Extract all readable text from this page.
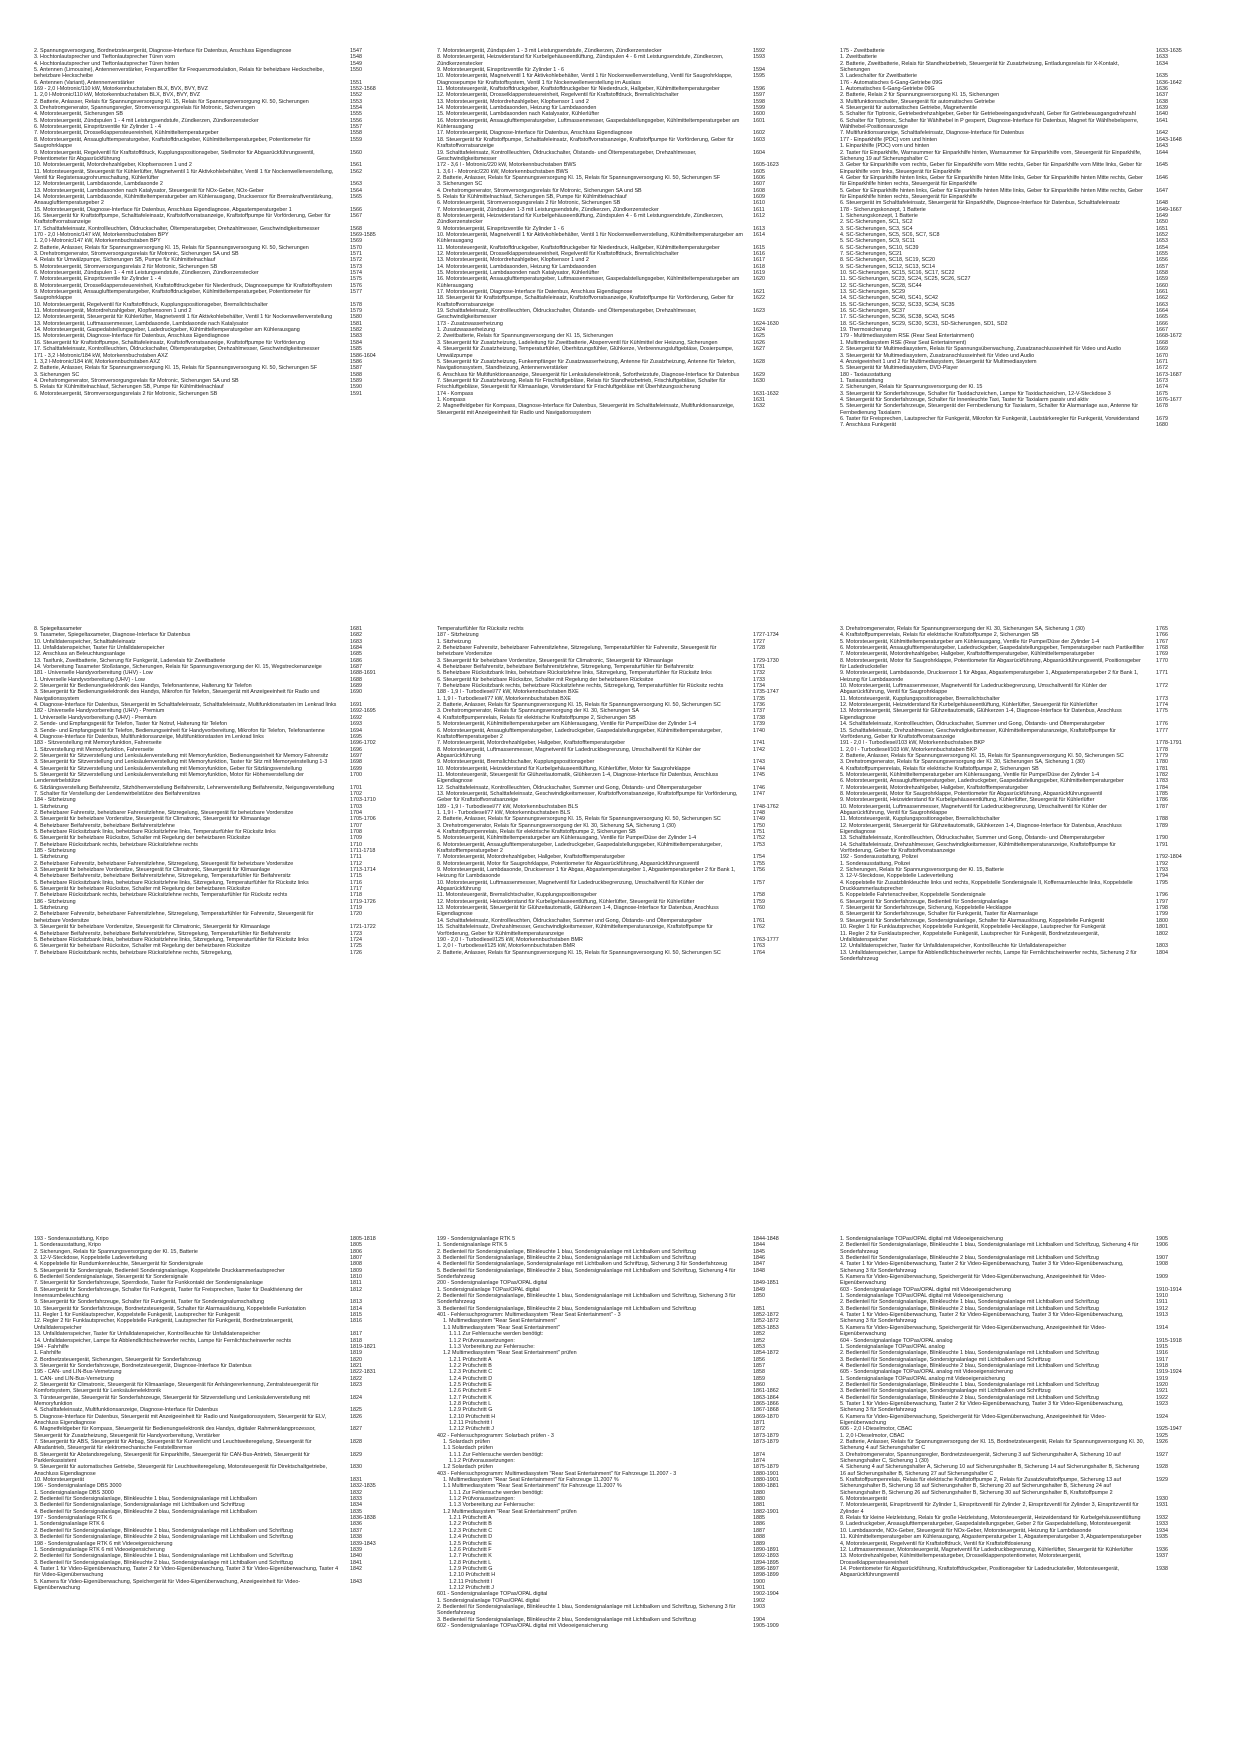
2. Spannungsversorgung, Bordnetzsteuergerät, Diagnose-Interface für Datenbus, Anschluss Eigendiagnose	1547
3. Hochtonlautsprecher und Tieftonlautsprecher Türen vorn	1548
4. Hochtonlautsprecher und Tieftonlautsprecher Türen hinten	1549
5. Antennen (Limousine), Antennenverstärker, Frequenzfilter für Frequenzmodulation, Relais für beheizbare Heckscheibe, beheizbare Heckscheibe
1550
6. Antennen (Variant), Antennenverstärker	1551
169 - 2,0 l-Motronic/110 kW, Motorkennbuchstaben BLX, BVX, BVY, BVZ	1552-1568
1. 2,0 l-Motronic/110 kW, Motorkennbuchstaben BLX, BVX, BVY, BVZ	1552
2. Batterie, Anlasser, Relais für Spannungsversorgung Kl. 15, Relais für Spannungsversorgung Kl. 50, Sicherungen	1553
3. Drehstromgenerator, Spannungsregler, Stromversorgungsrelais für Motronic, Sicherungen	1554
4. Motorsteuergerät, Sicherungen SB	1555
5. Motorsteuergerät, Zündspulen 1 - 4 mit Leistungsendstufe, Zündkerzen, Zündkerzenstecker	1556
6. Motorsteuergerät, Einspritzventile für Zylinder 1 - 4	1557
7. Motorsteuergerät, Drosselklappensteuereinheit, Kühlmitteltemperaturgeber	1558
8. Motorsteuergerät, Ansauglufttemperaturgeber, Kraftstoffdruckgeber, Kühlmitteltemperaturgeber, Potentiometer für Saugrohrklappe
1559
9. Motorsteuergerät, Regelventil für Kraftstoffdruck, Kupplungspositionsgeber, Stellmotor für Abgasrückführungsventil, Potentiometer für Abgasrückführung
1560
10. Motorsteuergerät, Motordrehzahlgeber, Klopfsensoren 1 und 2	1561
11. Motorsteuergerät, Steuergerät für Kühlerlüfter, Magnetventil 1 für Aktivkohlebehälter, Ventil 1 für Nockenwellenverstellung, Ventil für Registersaugrohrumschaltung, Kühlerlüfter
1562
12. Motorsteuergerät, Lambdasonde, Lambdasonde 2	1563
13. Motorsteuergerät, Lambdasonden nach Katalysator, Steuergerät für NOx-Geber, NOx-Geber	1564
14. Motorsteuergerät, Lambdasonde, Kühlmitteltemperaturgeber am Kühlerausgang, Drucksensor für Bremskraftverstärkung, Ansauglufttemperaturgeber 2
1565
15. Motorsteuergerät, Diagnose-Interface für Datenbus, Anschluss Eigendiagnose, Abgastemperaturgeber 1	1566
16. Steuergerät für Kraftstoffpumpe, Schalttafeleinsatz, Kraftstoffvorratsanzeige, Kraftstoffpumpe für Vorförderung, Geber für Kraftstoffvorratsanzeige
1567
17. Schalttafeleinsatz, Kontrollleuchten, Öldruckschalter, Öltemperaturgeber, Drehzahlmesser, Geschwindigkeitsmesser	1568
170 - 2,0 l-Motronic/147 kW, Motorkennbuchstaben BPY	1569-1585
1. 2,0 l-Motronic/147 kW, Motorkennbuchstaben BPY	1569
2. Batterie, Anlasser, Relais für Spannungsversorgung Kl. 15, Relais für Spannungsversorgung Kl. 50, Sicherungen	1570
3. Drehstromgenerator, Stromversorgungsrelais für Motronic, Sicherungen SA und SB	1571
4. Relais für Umwälzpumpe, Sicherungen SB, Pumpe für Kühlmittelnachlauf	1572
5. Motorsteuergerät, Stromversorgungsrelais 2 für Motronic, Sicherungen SB	1573
6. Motorsteuergerät, Zündspulen 1 - 4 mit Leistungsendstufe, Zündkerzen, Zündkerzenstecker	1574
7. Motorsteuergerät, Einspritzventile für Zylinder 1 - 4	1575
8. Motorsteuergerät, Drosselklappensteuereinheit, Kraftstoffdruckgeber für Niederdruck, Diagnosepumpe für Kraftstoffsystem	1576
9. Motorsteuergerät, Ansauglufttemperaturgeber, Kraftstoffdruckgeber, Kühlmitteltemperaturgeber, Potentiometer für Saugrohrklappe
1577
10. Motorsteuergerät, Regelventil für Kraftstoffdruck, Kupplungspositionsgeber, Bremslichtschalter	1578
11. Motorsteuergerät, Motordrehzahlgeber, Klopfsensoren 1 und 2	1579
12. Motorsteuergerät, Steuergerät für Kühlerlüfter, Magnetventil 1 für Aktivkohlebehälter, Ventil 1 für Nockenwellenverstellung	1580
13. Motorsteuergerät, Luftmassenmesser, Lambdasonde, Lambdasonde nach Katalysator	1581
14. Motorsteuergerät, Gaspedalstellungsgeber, Ladedruckgeber, Kühlmitteltemperaturgeber am Kühlerausgang	1582
15. Motorsteuergerät, Diagnose-Interface für Datenbus, Anschluss Eigendiagnose	1583
16. Steuergerät für Kraftstoffpumpe, Schalttafeleinsatz, Kraftstoffvorratsanzeige, Kraftstoffpumpe für Vorförderung	1584
17. Schalttafeleinsatz, Kontrollleuchten, Öldruckschalter, Öltemperaturgeber, Drehzahlmesser, Geschwindigkeitsmesser	1585
171 - 3,2 l-Motronic/184 kW, Motorkennbuchstaben AXZ	1586-1604
1. 3,2 l-Motronic/184 kW, Motorkennbuchstaben AXZ	1586
2. Batterie, Anlasser, Relais für Spannungsversorgung Kl. 15, Relais für Spannungsversorgung Kl. 50, Sicherungen SF	1587
3. Sicherungen SC	1588
4. Drehstromgenerator, Stromversorgungsrelais für Motronic, Sicherungen SA und SB	1589
5. Relais für Kühlmittelnachlauf, Sicherungen SB, Pumpe für Kühlmittelnachlauf	1590
6. Motorsteuergerät, Stromversorgungsrelais 2 für Motronic, Sicherungen SB	1591
7. Motorsteuergerät, Zündspulen 1 - 3 mit Leistungsendstufe, Zündkerzen, Zündkerzenstecker	1592
8. Motorsteuergerät, Heizwiderstand für Kurbelgehäuseentlüftung, Zündspulen 4 - 6 mit Leistungsendstufe, Zündkerzen, Zündkerzenstecker
1593
9. Motorsteuergerät, Einspritzventile für Zylinder 1 - 6	1594
10. Motorsteuergerät, Magnetventil 1 für Aktivkohlebehälter, Ventil 1 für Nockenwellenverstellung, Ventil für Saugrohrklappe, Diagnosepumpe für Kraftstoffsystem, Ventil 1 für Nockenwellenverstellung im Auslass
1595
11. Motorsteuergerät, Kraftstoffdruckgeber, Kraftstoffdruckgeber für Niederdruck, Hallgeber, Kühlmitteltemperaturgeber	1596
12. Motorsteuergerät, Drosselklappensteuereinheit, Regelventil für Kraftstoffdruck, Bremslichtschalter	1597
13. Motorsteuergerät, Motordrehzahlgeber, Klopfsensor 1 und 2	1598
14. Motorsteuergerät, Lambdasonden, Heizung für Lambdasonden	1599
15. Motorsteuergerät, Lambdasonden nach Katalysator, Kühlerlüfter	1600
16. Motorsteuergerät, Ansauglufttemperaturgeber, Luftmassenmesser, Gaspedalstellungsgeber, Kühlmitteltemperaturgeber am Kühlerausgang
1601
17. Motorsteuergerät, Diagnose-Interface für Datenbus, Anschluss Eigendiagnose	1602
18. Steuergerät für Kraftstoffpumpe, Schalttafeleinsatz, Kraftstoffvorratsanzeige, Kraftstoffpumpe für Vorförderung, Geber für Kraftstoffvorratsanzeige
1603
19. Schalttafeleinsatz, Kontrollleuchten, Öldruckschalter, Ölstands- und Öltemperaturgeber, Drehzahlmesser, Geschwindigkeitsmesser
1604
172 - 3,6 l - Motronic/220 kW, Motorkennbuchstaben BWS	1605-1623
1. 3,6 l - Motronic/220 kW, Motorkennbuchstaben BWS	1605
2. Batterie, Anlasser, Relais für Spannungsversorgung Kl. 15, Relais für Spannungsversorgung Kl. 50, Sicherungen SF	1606
3. Sicherungen SC	1607
4. Drehstromgenerator, Stromversorgungsrelais für Motronic, Sicherungen SA und SB	1608
5. Relais für Kühlmittelnachlauf, Sicherungen SB, Pumpe für Kühlmittelnachlauf	1609
6. Motorsteuergerät, Stromversorgungsrelais 2 für Motronic, Sicherungen SB	1610
7. Motorsteuergerät, Zündspulen 1-3 mit Leistungsendstufe, Zündkerzen, Zündkerzenstecker	1611
8. Motorsteuergerät, Heizwiderstand für Kurbelgehäuseentlüftung, Zündspulen 4 - 6 mit Leistungsendstufe, Zündkerzen, Zündkerzenstecker
1612
9. Motorsteuergerät, Einspritzventile für Zylinder 1 - 6	1613
10. Motorsteuergerät, Magnetventil 1 für Aktivkohlebehälter, Ventil 1 für Nockenwellenverstellung, Kühlmitteltemperaturgeber am Kühlerausgang
1614
11. Motorsteuergerät, Kraftstoffdruckgeber, Kraftstoffdruckgeber für Niederdruck, Hallgeber, Kühlmitteltemperaturgeber	1615
12. Motorsteuergerät, Drosselklappensteuereinheit, Regelventil für Kraftstoffdruck, Bremslichtschalter	1616
13. Motorsteuergerät, Motordrehzahlgeber, Klopfsensor 1 und 2	1617
14. Motorsteuergerät, Lambdasonden, Heizung für Lambdasonden	1618
15. Motorsteuergerät, Lambdasonden nach Katalysator, Kühlerlüfter	1619
16. Motorsteuergerät, Ansauglufttemperaturgeber, Luftmassenmesser, Gaspedalstellungsgeber, Kühlmitteltemperaturgeber am Kühlerausgang
1620
17. Motorsteuergerät, Diagnose-Interface für Datenbus, Anschluss Eigendiagnose	1621
18. Steuergerät für Kraftstoffpumpe, Schalttafeleinsatz, Kraftstoffvorratsanzeige, Kraftstoffpumpe für Vorförderung, Geber für Kraftstoffvorratsanzeige
1622
19. Schalttafeleinsatz, Kontrollleuchten, Öldruckschalter, Ölstands- und Öltemperaturgeber, Drehzahlmesser, Geschwindigkeitsmesser
1623
173 - Zusatzwasserheizung	1624-1630
1. Zusatzwasserheizung	1624
2. Zweitbatterie, Relais für Spannungsversorgung der Kl. 15, Sicherungen	1625
3. Steuergerät für Zusatzheizung, Ladeleitung für Zweitbatterie, Absperrventil für Kühlmittel der Heizung, Sicherungen	1626
4. Steuergerät für Zusatzheizung, Temperaturfühler, Überhitzungsfühler, Glühkerze, Verbrennungsluftgebläse, Dosierpumpe, Umwälzpumpe
1627
5. Steuergerät für Zusatzheizung, Funkempfänger für Zusatzwasserheizung, Antenne für Zusatzheizung, Antenne für Telefon, Navigationssystem, Standheizung, Antennenverstärker
1628
6. Anschluss für Multifunktionsanzeige, Steuergerät für Lenksäulenelektronik, Sofortheizstufe, Diagnose-Interface für Datenbus	1629
7. Steuergerät für Zusatzheizung, Relais für Frischluftgebläse, Relais für Standheizbetrieb, Frischluftgebläse, Schalter für Frischluftgebläse, Steuergerät für Klimaanlage, Vorwiderstand für Frischluftgebläse mit Überhitzungssicherung
1630
174 - Kompass	1631-1632
1. Kompass	1631
2. Magnetfeldgeber für Kompass, Diagnose-Interface für Datenbus, Steuergerät im Schalttafeleinsatz, Multifunktionsanzeige, Steuergerät mit Anzeigeeinheit für Radio und Navigationssystem
1632
175 - Zweitbatterie	1633-1635
1. Zweitbatterie	1633
2. Batterie, Zweitbatterie, Relais für Standheizbetrieb, Steuergerät für Zusatzheizung, Entladungsrelais für X-Kontakt, Sicherungen
1634
3. Ladeschalter für Zweitbatterie	1635
176 - Automatisches 6-Gang-Getriebe 09G	1636-1642
1. Automatisches 6-Gang-Getriebe 09G	1636
2. Batterie, Relais 2 für Spannungsversorgung Kl. 15, Sicherungen	1637
3. Multifunktionsschalter, Steuergerät für automatisches Getriebe	1638
4. Steuergerät für automatisches Getriebe, Magnetventile	1639
5. Schalter für Tiptronic, Getriebedrehzahlgeber, Geber für Getriebeeingangsdrehzahl, Geber für Getriebeausgangsdrehzahl	1640
6. Schalter für Tiptronic, Schalter für Wählhebel in P gesperrt, Diagnose-Interface für Datenbus, Magnet für Wählhebelsperre, Wählhebel-Positionsanzeige
1641
7. Multifunktionsanzeige, Schalttafeleinsatz, Diagnose-Interface für Datenbus	1642
177 - Einparkhilfe (PDC) vorn und hinten	1643-1648
1. Einparkhilfe (PDC) vorn und hinten	1643
2. Taster für Einparkhilfe, Warnsummer für Einparkhilfe hinten, Warnsummer für Einparkhilfe vorn, Steuergerät für Einparkhilfe, Sicherung 19 auf Sicherungshalter C
1644
3. Geber für Einparkhilfe vorn rechts, Geber für Einparkhilfe vorn Mitte rechts, Geber für Einparkhilfe vorn Mitte links, Geber für Einparkhilfe vorn links, Steuergerät für Einparkhilfe
1645
4. Geber für Einparkhilfe hinten links, Geber für Einparkhilfe hinten Mitte links, Geber für Einparkhilfe hinten Mitte rechts, Geber für Einparkhilfe hinten rechts, Steuergerät für Einparkhilfe
1646
5. Geber für Einparkhilfe hinten links, Geber für Einparkhilfe hinten Mitte links, Geber für Einparkhilfe hinten Mitte rechts, Geber für Einparkhilfe hinten rechts, Steuergerät für Einparkhilfe
1647
6. Steuergerät im Schalttafeleinsatz, Steuergerät für Einparkhilfe, Diagnose-Interface für Datenbus, Schalttafeleinsatz	1648
178 - Sicherungskonzept, 1 Batterie	1649-1667
1. Sicherungskonzept, 1 Batterie	1649
2. SC-Sicherungen, SC1, SC2	1650
3. SC-Sicherungen, SC3, SC4	1651
4. SC-Sicherungen, SC5, SC6, SC7, SC8	1652
5. SC-Sicherungen, SC9, SC11	1653
6. SC-Sicherungen, SC10, SC39	1654
7. SC-Sicherungen, SC21	1655
8. SC-Sicherungen, SC18, SC19, SC20	1656
9. SC-Sicherungen, SC12, SC13, SC14	1657
10. SC-Sicherungen, SC15, SC16, SC17, SC22	1658
11. SC-Sicherungen, SC23, SC24, SC25, SC26, SC27	1659
12. SC-Sicherungen, SC28, SC44	1660
13. SC-Sicherungen, SC29	1661
14. SC-Sicherungen, SC40, SC41, SC42	1662
15. SC-Sicherungen, SC32, SC33, SC34, SC35	1663
16. SC-Sicherungen, SC37	1664
17. SC-Sicherungen, SC36, SC38, SC43, SC45	1665
18. SC-Sicherungen, SC29, SC30, SC31, SD-Sicherungen, SD1, SD2	1666
19. Thermosicherung	1667
179 - Multimediasystem RSE (Rear Seat Entertainment)	1668-1672
1. Multimediasystem RSE (Rear Seat Entertainment)	1668
2. Steuergerät für Multimediasystem, Relais für Spannungsüberwachung, Zusatzanschlusseinheit für Video und Audio	1669
3. Steuergerät für Multimediasystem, Zusatzanschlusseinheit für Video und Audio	1670
4. Anzeigeeinheit 1 und 2 für Multimediasystem, Steuergerät für Multimediasystem	1671
5. Steuergerät für Multimediasystem, DVD-Player	1672
180 - Taxiausstattung	1673-1687
1. Taxiausstattung	1673
2. Sicherungen, Relais für Spannungsversorgung der Kl. 15	1674
3. Steuergerät für Sonderfahrzeuge, Schalter für Taxidachzeichen, Lampe für Taxidachzeichen, 12-V-Steckdose 3	1675
4. Steuergerät für Sonderfahrzeuge, Schalter für Innenleuchte Taxi, Taster für Taxialarm passiv und aktiv	1676-1677
5. Steuergerät für Sonderfahrzeuge, Steuergerät der Fernbedienung für Taxialarm, Schalter für Alarmanlage aus, Antenne für Fernbedienung Taxialarm
1678
6. Taster für Freisprechen, Lautsprecher für Funkgerät, Mikrofon für Funkgerät, Lautstärkeregler für Funkgerät, Vorwiderstand	1679
7. Anschluss Funkgerät	1680
8. Spiegeltaxameter	1681
9. Taxameter, Spiegeltaxameter, Diagnose-Interface für Datenbus	1682
10. Unfalldatenspeicher, Schalttafeleinsatz	1683
11. Unfalldatenspeicher, Taster für Unfalldatenspeicher	1684
12. Anschluss an Beleuchtungsanlage	1685
13. Taxifunk, Zweitbatterie, Sicherung für Funkgerät, Laderelais für Zweitbatterie	1686
14. Vorbereitung Taxameter Stoßstange, Sicherungen, Relais für Spannungsversorgung der Kl. 15, Wegstreckenanzeige	1687
181 - Universelle Handyvorbereitung (UHV) - Low	1688-1691
1. Universelle Handyvorbereitung (UHV) - Low	1688
2. Steuergerät für Bedienungselektronik des Handys, Telefonantenne, Halterung für Telefon	1689
3. Steuergerät für Bedienungselektronik des Handys, Mikrofon für Telefon, Steuergerät mit Anzeigeeinheit für Radio und Navigationssystem
1690
4. Diagnose-Interface für Datenbus, Steuergerät im Schalttafeleinsatz, Schalttafeleinsatz, Multifunktionstasten im Lenkrad links	1691
182 - Universelle Handyvorbereitung (UHV) - Premium	1692-1695
1. Universelle Handyvorbereitung (UHV) - Premium	1692
2. Sende- und Empfangsgerät für Telefon, Taster für Notruf, Halterung für Telefon	1693
3. Sende- und Empfangsgerät für Telefon, Bedienungseinheit für Handyvorbereitung, Mikrofon für Telefon, Telefonantenne	1694
4. Diagnose-Interface für Datenbus, Multifunktionsanzeige, Multifunktionstasten im Lenkrad links	1695
183 - Sitzverstellung mit Memoryfunktion, Fahrerseite	1696-1702
1. Sitzverstellung mit Memoryfunktion, Fahrerseite	1696
2. Steuergerät für Sitzverstellung und Lenksäulenverstellung mit Memoryfunktion, Bedienungseinheit für Memory Fahrersitz	1697
3. Steuergerät für Sitzverstellung und Lenksäulenverstellung mit Memoryfunktion, Taster für Sitz mit Memoryeinstellung 1-3	1698
4. Steuergerät für Sitzverstellung und Lenksäulenverstellung mit Memoryfunktion, Geber für Sitzlängsverstellung	1699
5. Steuergerät für Sitzverstellung und Lenksäulenverstellung mit Memoryfunktion, Motor für Höhenverstellung der Lendenwirbelstütze
1700
6. Sitzlängsverstellung Beifahrersitz, Sitzhöhenverstellung Beifahrersitz, Lehnenverstellung Beifahrersitz, Neigungsverstellung	1701
7. Schalter für Verstellung der Lendenwirbelstütze des Beifahrersitzes	1702
184 - Sitzheizung	1703-1710
1. Sitzheizung	1703
2. Beheizbarer Fahrersitz, beheizbarer Fahrersitzlehne, Sitzregelung, Steuergerät für beheizbare Vordersitze	1704
3. Steuergerät für beheizbare Vordersitze, Steuergerät für Climatronic, Steuergerät für Klimaanlage	1705-1706
4. Beheizbarer Beifahrersitz, beheizbare Beifahrersitzlehne	1707
5. Beheizbare Rücksitzbank links, beheizbare Rücksitzlehne links, Temperaturfühler für Rücksitz links	1708
6. Steuergerät für beheizbare Rücksitze, Schalter mit Regelung der beheizbaren Rücksitze	1709
7. Beheizbare Rücksitzbank rechts, beheizbare Rücksitzlehne rechts	1710
185 - Sitzheizung	1711-1718
1. Sitzheizung	1711
2. Beheizbarer Fahrersitz, beheizbarer Fahrersitzlehne, Sitzregelung, Steuergerät für beheizbare Vordersitze	1712
3. Steuergerät für beheizbare Vordersitze, Steuergerät für Climatronic, Steuergerät für Klimaanlage	1713-1714
4. Beheizbarer Beifahrersitz, beheizbare Beifahrersitzlehne, Sitzregelung, Temperaturfühler für Beifahrersitz	1715
5. Beheizbare Rücksitzbank links, beheizbare Rücksitzlehne links, Sitzregelung, Temperaturfühler für Rücksitz links	1716
6. Steuergerät für beheizbare Rücksitze, Schalter mit Regelung der beheizbaren Rücksitze	1717
7. Beheizbare Rücksitzbank rechts, beheizbare Rücksitzlehne rechts, Temperaturfühler für Rücksitz rechts	1718
186 - Sitzheizung	1719-1726
1. Sitzheizung	1719
2. Beheizbarer Fahrersitz, beheizbarer Fahrersitzlehne, Sitzregelung, Temperaturfühler für Fahrersitz, Steuergerät für beheizbare Vordersitze
1720
3. Steuergerät für beheizbare Vordersitze, Steuergerät für Climatronic, Steuergerät für Klimaanlage	1721-1722
4. Beheizbarer Beifahrersitz, beheizbare Beifahrersitzlehne, Sitzregelung, Temperaturfühler für Beifahrersitz	1723
5. Beheizbare Rücksitzbank links, beheizbare Rücksitzlehne links, Sitzregelung, Temperaturfühler für Rücksitz links	1724
6. Steuergerät für beheizbare Rücksitze, Schalter mit Regelung der beheizbaren Rücksitze	1725
7. Beheizbare Rücksitzbank rechts, beheizbare Rücksitzlehne rechts, Sitzregelung,	1726
Temperaturfühler für Rücksitz rechts
187 - Sitzheizung	1727-1734
1. Sitzheizung	1727
2. Beheizbarer Fahrersitz, beheizbarer Fahrersitzlehne, Sitzregelung, Temperaturfühler für Fahrersitz, Steuergerät für beheizbare Vordersitze
1728
3. Steuergerät für beheizbare Vordersitze, Steuergerät für Climatronic, Steuergerät für Klimaanlage	1729-1730
4. Beheizbarer Beifahrersitz, beheizbare Beifahrersitzlehne, Sitzregelung, Temperaturfühler für Beifahrersitz	1731
5. Beheizbare Rücksitzbank links, beheizbare Rücksitzlehne links, Sitzregelung, Temperaturfühler für Rücksitz links	1732
6. Steuergerät für beheizbare Rücksitze, Schalter mit Regelung der beheizbaren Rücksitze	1733
7. Beheizbare Rücksitzbank rechts, beheizbare Rücksitzlehne rechts, Sitzregelung, Temperaturfühler für Rücksitz rechts	1734
188 - 1,9 l - Turbodiesel/77 kW, Motorkennbuchstaben BXE	1735-1747
1. 1,9 l - Turbodiesel/77 kW, Motorkennbuchstaben BXE	1735
2. Batterie, Anlasser, Relais für Spannungsversorgung Kl. 15, Relais für Spannungsversorgung Kl. 50, Sicherungen SC	1736
3. Drehstromgenerator, Relais für Spannungsversorgung der Kl. 30, Sicherungen SA	1737
4. Kraftstoffpumpenrelais, Relais für elektrische Kraftstoffpumpe 2, Sicherungen SB	1738
5. Motorsteuergerät, Kühlmitteltemperaturgeber am Kühlerausgang, Ventile für Pumpe/Düse der Zylinder 1-4	1739
6. Motorsteuergerät, Ansauglufttemperaturgeber, Ladedruckgeber, Gaspedalstellungsgeber, Kühlmitteltemperaturgeber, Kraftstofftemperaturgeber 2
1740
7. Motorsteuergerät, Motordrehzahlgeber, Hallgeber, Kraftstofftemperaturgeber	1741
8. Motorsteuergerät, Luftmassenmesser, Magnetventil für Ladedruckbegrenzung, Umschaltventil für Kühler der Abgasrückführung
1742
9. Motorsteuergerät, Bremslichtschalter, Kupplungspositionsgeber	1743
10. Motorsteuergerät, Heizwiderstand für Kurbelgehäuseentlüftung, Kühlerlüfter, Motor für Saugrohrklappe	1744
11. Motorsteuergerät, Steuergerät für Glühzeitautomatik, Glühkerzen 1-4, Diagnose-Interface für Datenbus, Anschluss Eigendiagnose
1745
12. Schalttafeleinsatz, Kontrollleuchten, Öldruckschalter, Summer und Gong, Ölstands- und Öltemperaturgeber	1746
13. Motorsteuergerät, Schalttafeleinsatz, Geschwindigkeitsmesser, Kraftstoffvorratsanzeige, Kraftstoffpumpe für Vorförderung, Geber für Kraftstoffvorratsanzeige
1747
189 - 1,9 l - Turbodiesel/77 kW, Motorkennbuchstaben BLS	1748-1762
1. 1,9 l - Turbodiesel/77 kW, Motorkennbuchstaben BLS	1748
2. Batterie, Anlasser, Relais für Spannungsversorgung Kl. 15, Relais für Spannungsversorgung Kl. 50, Sicherungen SC	1749
3. Drehstromgenerator, Relais für Spannungsversorgung der Kl. 30, Sicherung SA, Sicherung 1 (30)	1750
4. Kraftstoffpumpenrelais, Relais für elektrische Kraftstoffpumpe 2, Sicherungen SB	1751
5. Motorsteuergerät, Kühlmitteltemperaturgeber am Kühlerausgang, Ventile für Pumpe/Düse der Zylinder 1-4	1752
6. Motorsteuergerät, Ansauglufttemperaturgeber, Ladedruckgeber, Gaspedalstellungsgeber, Kühlmitteltemperaturgeber, Kraftstofftemperaturgeber 2
1753
7. Motorsteuergerät, Motordrehzahlgeber, Hallgeber, Kraftstofftemperaturgeber	1754
8. Motorsteuergerät, Motor für Saugrohrklappe, Potentiometer für Abgasrückführung, Abgasrückführungsventil	1755
9. Motorsteuergerät, Lambdasonde, Drucksensor 1 für Abgas, Abgastemperaturgeber 1, Abgastemperaturgeber 2 für Bank 1, Heizung für Lambdasonde
1756
10. Motorsteuergerät, Luftmassenmesser, Magnetventil für Ladedruckbegrenzung, Umschaltventil für Kühler der Abgasrückführung
1757
11. Motorsteuergerät, Bremslichtschalter, Kupplungspositionsgeber	1758
12. Motorsteuergerät, Heizwiderstand für Kurbelgehäuseentlüftung, Kühlerlüfter, Steuergerät für Kühlerlüfter	1759
13. Motorsteuergerät, Steuergerät für Glühzeitautomatik, Glühkerzen 1-4, Diagnose-Interface für Datenbus, Anschluss Eigendiagnose
1760
14. Schalttafeleinsatz, Kontrollleuchten, Öldruckschalter, Summer und Gong, Ölstands- und Öltemperaturgeber	1761
15. Schalttafeleinsatz, Drehzahlmesser, Geschwindigkeitsmesser, Kühlmitteltemperaturanzeige, Kraftstoffpumpe für Vorförderung, Geber für Kühlmitteltemperaturanzeige
1762
190 - 2,0 l - Turbodiesel/125 kW, Motorkennbuchstaben BMR	1763-1777
1. 2,0 l - Turbodiesel/125 kW, Motorkennbuchstaben BMR	1763
2. Batterie, Anlasser, Relais für Spannungsversorgung Kl. 15, Relais für Spannungsversorgung Kl. 50, Sicherungen SC	1764
3. Drehstromgenerator, Relais für Spannungsversorgung der Kl. 30, Sicherungen SA, Sicherung 1 (30)	1765
4. Kraftstoffpumpenrelais, Relais für elektrische Kraftstoffpumpe 2, Sicherungen SB	1766
5. Motorsteuergerät, Kühlmitteltemperaturgeber am Kühlerausgang, Ventile für Pumpe/Düse der Zylinder 1-4	1767
6. Motorsteuergerät, Ansauglufttemperaturgeber, Ladedruckgeber, Gaspedalstellungsgeber, Temperaturgeber nach Partikelfilter	1768
7. Motorsteuergerät, Motordrehzahlgeber, Hallgeber, Kraftstofftemperaturgeber, Kühlmitteltemperaturgeber	1769
8. Motorsteuergerät, Motor für Saugrohrklappe, Potentiometer für Abgasrückführung, Abgasrückführungsventil, Positionsgeber für Ladedrucksteller
1770
9. Motorsteuergerät, Lambdasonde, Drucksensor 1 für Abgas, Abgastemperaturgeber 1, Abgastemperaturgeber 2 für Bank 1, Heizung für Lambdasonde
1771
10. Motorsteuergerät, Luftmassenmesser, Magnetventil für Ladedruckbegrenzung, Umschaltventil für Kühler der Abgasrückführung, Ventil für Saugrohrklappe
1772
11. Motorsteuergerät, Kupplungspositionsgeber, Bremslichtschalter	1773
12. Motorsteuergerät, Heizwiderstand für Kurbelgehäuseentlüftung, Kühlerlüfter, Steuergerät für Kühlerlüfter	1774
13. Motorsteuergerät, Steuergerät für Glühzeitautomatik, Glühkerzen 1-4, Diagnose-Interface für Datenbus, Anschluss Eigendiagnose
1775
14. Schalttafeleinsatz, Kontrollleuchten, Öldruckschalter, Summer und Gong, Ölstands- und Öltemperaturgeber	1776
15. Schalttafeleinsatz, Drehzahlmesser, Geschwindigkeitsmesser, Kühlmitteltemperaturanzeige, Kraftstoffpumpe für Vorförderung, Geber für Kraftstoffvorratsanzeige
1777
191 - 2,0 l - Turbodiesel/103 kW, Motorkennbuchstaben BKP	1778-1791
1. 2,0 l - Turbodiesel/103 kW, Motorkennbuchstaben BKP	1778
2. Batterie, Anlasser, Relais für Spannungsversorgung Kl. 15, Relais für Spannungsversorgung Kl. 50, Sicherungen SC	1779
3. Drehstromgenerator, Relais für Spannungsversorgung der Kl. 30, Sicherungen SA, Sicherung 1 (30)	1780
4. Kraftstoffpumpenrelais, Relais für elektrische Kraftstoffpumpe 2, Sicherungen SB	1781
5. Motorsteuergerät, Kühlmitteltemperaturgeber am Kühlerausgang, Ventile für Pumpe/Düse der Zylinder 1-4	1782
6. Motorsteuergerät, Ansauglufttemperaturgeber, Ladedruckgeber, Gaspedalstellungsgeber, Kühlmitteltemperaturgeber	1783
7. Motorsteuergerät, Motordrehzahlgeber, Hallgeber, Kraftstofftemperaturgeber	1784
8. Motorsteuergerät, Motor für Saugrohrklappe, Potentiometer für Abgasrückführung, Abgasrückführungsventil	1785
9. Motorsteuergerät, Heizwiderstand für Kurbelgehäuseentlüftung, Kühlerlüfter, Steuergerät für Kühlerlüfter	1786
10. Motorsteuergerät, Luftmassenmesser, Magnetventil für Ladedruckbegrenzung, Umschaltventil für Kühler der Abgasrückführung, Ventil für Saugrohrklappe
1787
11. Motorsteuergerät, Kupplungspositionsgeber, Bremslichtschalter	1788
12. Motorsteuergerät, Steuergerät für Glühzeitautomatik, Glühkerzen 1-4, Diagnose-Interface für Datenbus, Anschluss Eigendiagnose
1789
13. Schalttafeleinsatz, Kontrollleuchten, Öldruckschalter, Summer und Gong, Ölstands- und Öltemperaturgeber	1790
14. Schalttafeleinsatz, Drehzahlmesser, Geschwindigkeitsmesser, Kühlmitteltemperaturanzeige, Kraftstoffpumpe für Vorförderung, Geber für Kraftstoffvorratsanzeige
1791
192 - Sonderausstattung, Polizei	1792-1804
1. Sonderausstattung, Polizei	1792
2. Sicherungen, Relais für Spannungsversorgung der Kl. 15, Batterie	1793
3. 12-V-Steckdose, Koppelstelle Ladeverteilung	1794
4. Koppelstelle für Zusatzblinkleuchte links und rechts, Koppelstelle Sondersignale II, Kofferraumleuchte links, Koppelstelle Druckkammerlautsprecher
1795
5. Koppelstelle Fahrtenschreiber, Koppelstelle Sondersignale	1796
6. Steuergerät für Sonderfahrzeuge, Bedienteil für Sondersignalanlage	1797
7. Steuergerät für Sonderfahrzeuge, Sicherung, Koppelstelle Hecklappe	1798
8. Steuergerät für Sonderfahrzeuge, Schalter für Funkgerät, Taster für Alarmanlage	1799
9. Steuergerät für Sonderfahrzeuge, Sondersignalanlage, Schalter für Alarmauslösung, Koppelstelle Funkgerät	1800
10. Regler 1 für Funklautsprecher, Koppelstelle Funkgerät, Koppelstelle Hecklappe, Lautsprecher für Funkgerät	1801
11. Regler 2 für Funklautsprecher, Koppelstelle Funkgerät, Lautsprecher für Funkgerät, Bordnetzsteuergerät, Unfalldatenspeicher
1802
12. Unfalldatenspeicher, Taster für Unfalldatenspeicher, Kontrollleuchte für Unfalldatenspeicher	1803
13. Unfalldatenspeicher, Lampe für Abblendlichtscheinwerfer rechts, Lampe für Fernlichtscheinwerfer rechts, Sicherung 2 für Sonderfahrzeug
1804
193 - Sonderausstattung, Kripo	1805-1818
1. Sonderausstattung, Kripo	1805
2. Sicherungen, Relais für Spannungsversorgung der Kl. 15, Batterie	1806
3. 12-V-Steckdose, Koppelstelle Ladeverteilung	1807
4. Koppelstelle für Rundumkennleuchte, Steuergerät für Sondersignale	1808
5. Steuergerät für Sondersignale, Bedienteil Sondersignalanlage, Koppelstelle Druckkammerlautsprecher	1809
6. Bedienteil Sondersignalanlage, Steuergerät für Sondersignale	1810
7. Steuergerät für Sonderfahrzeuge, Sperrdiode, Taster für Funkkontakt der Sondersignalanlage	1811
8. Steuergerät für Sonderfahrzeuge, Schalter für Funkgerät, Taster für Freisprechen, Taster für Deaktivierung der Innenraumbeleuchtung
1812
9. Steuergerät für Sonderfahrzeuge, Schalter für Funkgerät, Taster für Sondersignalumschaltung	1813
10. Steuergerät für Sonderfahrzeuge, Bordnetzsteuergerät, Schalter für Alarmauslösung, Koppelstelle Funkstation	1814
11. Regler 1 für Funklautsprecher, Koppelstelle Funkgerät, Lautsprecher für Funkgerät	1815
12. Regler 2 für Funklautsprecher, Koppelstelle Funkgerät, Lautsprecher für Funkgerät, Bordnetzsteuergerät, Unfalldatenspeicher
1816
13. Unfalldatenspeicher, Taster für Unfalldatenspeicher, Kontrollleuchte für Unfalldatenspeicher	1817
14. Unfalldatenspeicher, Lampe für Abblendlichtscheinwerfer rechts, Lampe für Fernlichtscheinwerfer rechts	1818
194 - Fahrhilfe	1819-1821
1. Fahrhilfe	1819
2. Bordnetzsteuergerät, Sicherungen, Steuergerät für Sonderfahrzeug	1820
3. Steuergerät für Sonderfahrzeuge, Bordnetzsteuergerät, Diagnose-Interface für Datenbus	1821
195 - CAN- und LIN-Bus-Vernetzung	1822-1831
1. CAN- und LIN-Bus-Vernetzung	1822
2. Steuergerät für Climatronic, Steuergerät für Klimaanlage, Steuergerät für Anhängererkennung, Zentralsteuergerät für Komfortsystem, Steuergerät für Lenksäulenelektronik
1823
3. Türsteuergeräte, Steuergerät für Sonderfahrzeuge, Steuergerät für Sitzverstellung und Lenksäulenverstellung mit Memoryfunktion
1824
4. Schalttafeleinsatz, Multifunktionsanzeige, Diagnose-Interface für Datenbus	1825
5. Diagnose-Interface für Datenbus, Steuergerät mit Anzeigeeinheit für Radio und Navigationssystem, Steuergerät für ELV, Anschluss Eigendiagnose
1826
6. Magnetfeldgeber für Kompass, Steuergerät für Bedienungselektronik des Handys, digitaler Rahmenklangprozessor, Steuergerät für Zusatzheizung, Steuergerät für Handyvorbereitung, Verstärker
1827
7. Steuergerät für ABS, Steuergerät für Airbag, Steuergerät für Kurvenlicht und Leuchtweiteregelung, Steuergerät für Allradantrieb, Steuergerät für elektromechanische Feststellbremse
1828
8. Steuergerät für Abstandsregelung, Steuergerät für Einparkhilfe, Steuergerät für CAN-Bus-Antrieb, Steuergerät für Parklenkassistent
1829
9. Steuergerät für automatisches Getriebe, Steuergerät für Leuchtweiteregelung, Motorsteuergerät für Direktschaltgetriebe, Anschluss Eigendiagnose
1830
10. Motorsteuergerät	1831
196 - Sondersignalanlage DBS 3000	1832-1835
1. Sondersignalanlage DBS 3000	1832
2. Bedienteil für Sondersignalanlage, Blinkleuchte 1 blau, Sondersignalanlage mit Lichtbalken	1833
3. Bedienteil für Sondersignalanlage, Sondersignalanlage mit Lichtbalken und Schriftzug	1834
4. Bedienteil für Sondersignalanlage, Blinkleuchte 2 blau, Sondersignalanlage mit Lichtbalken	1835
197 - Sondersignalanlage RTK 6	1836-1838
1. Sondersignalanlage RTK 6	1836
2. Bedienteil für Sondersignalanlage, Blinkleuchte 1 blau, Sondersignalanlage mit Lichtbalken und Schriftzug	1837
3. Bedienteil für Sondersignalanlage, Blinkleuchte 2 blau, Sondersignalanlage mit Lichtbalken und Schriftzug	1838
198 - Sondersignalanlage RTK 6 mit Videoeigensicherung	1839-1843
1. Sondersignalanlage RTK 6 mit Videoeigensicherung	1839
2. Bedienteil für Sondersignalanlage, Blinkleuchte 1 blau, Sondersignalanlage mit Lichtbalken und Schriftzug	1840
3. Bedienteil für Sondersignalanlage, Blinkleuchte 2 blau, Sondersignalanlage mit Lichtbalken und Schriftzug	1841
4. Taster 1 für Video-Eigenüberwachung, Taster 2 für Video-Eigenüberwachung, Taster 3 für Video-Eigenüberwachung, Taster 4 für Video-Eigenüberwachung
1842
5. Kamera für Video-Eigenüberwachung, Speichergerät für Video-Eigenüberwachung, Anzeigeeinheit für Video-Eigenüberwachung
1843
199 - Sondersignalanlage RTK 5	1844-1848
1. Sondersignalanlage RTK 5	1844
2. Bedienteil für Sondersignalanlage, Blinkleuchte 1 blau, Sondersignalanlage mit Lichtbalken und Schriftzug	1845
3. Bedienteil für Sondersignalanlage, Blinkleuchte 2 blau, Sondersignalanlage mit Lichtbalken und Schriftzug	1846
4. Bedienteil für Sondersignalanlage, Sondersignalanlage mit Lichtbalken und Schriftzug, Sicherung 3 für Sonderfahrzeug	1847
5. Bedienteil für Sondersignalanlage, Blinkleuchte 2 blau, Sondersignalanlage mit Lichtbalken und Schriftzug, Sicherung 4 für Sonderfahrzeug
1848
200 - Sondersignalanlage TOPas/OPAL digital	1849-1851
1. Sondersignalanlage TOPas/OPAL digital	1849
2. Bedienteil für Sondersignalanlage, Blinkleuchte 1 blau, Sondersignalanlage mit Lichtbalken und Schriftzug, Sicherung 3 für Sonderfahrzeug
1850
3. Bedienteil für Sondersignalanlage, Blinkleuchte 2 blau, Sondersignalanlage mit Lichtbalken und Schriftzug	1851
401 - Fehlersuchprogramm: Multimediasystem "Rear Seat Entertainment" - 3	1852-1872
1. Multimediasystem "Rear Seat Entertainment"	1852-1872
1.1 Multimediasystem "Rear Seat Entertainment"	1853-1853
1.1.1 Zur Fehlersuche werden benötigt:	1852
1.1.2 Prüfvoraussetzungen:	1852
1.1.3 Vorbereitung zur Fehlersuche:	1853
1.2 Multimediasystem "Rear Seat Entertainment" prüfen	1854-1872
1.2.1 Prüfschritt A	1856
1.2.2 Prüfschritt B	1857
1.2.3 Prüfschritt C	1858
1.2.4 Prüfschritt D	1859
1.2.5 Prüfschritt E	1860
1.2.6 Prüfschritt F	1861-1862
1.2.7 Prüfschritt K	1863-1864
1.2.8 Prüfschritt L	1865-1866
1.2.9 Prüfschritt G	1867-1868
1.2.10 Prüfschritt H	1869-1870
1.2.11 Prüfschritt I	1871
1.2.12 Prüfschritt J	1872
402 - Fehlersuchprogramm: Solarbach prüfen - 3	1873-1879
1. Solardach prüfen	1873-1879
1.1 Solardach prüfen
1.1.1 Zur Fehlersuche werden benötigt:	1874
1.1.2 Prüfvoraussetzungen:	1874
1.2 Solardach prüfen	1875-1879
403 - Fehlersuchprogramm: Multimediasystem "Rear Seat Entertainment" für Fahrzeuge 11.2007 - 3	1880-1901
1. Multimediasystem "Rear Seat Entertainment" für Fahrzeuge 11.2007 %	1880-1901
1.1 Multimediasystem "Rear Seat Entertainment" für Fahrzeuge 11.2007 %	1880-1881
1.1.1 Zur Fehlersuche werden benötigt:	1880
1.1.2 Prüfvoraussetzungen:	1880
1.1.3 Vorbereitung zur Fehlersuche:	1881
1.2 Multimediasystem "Rear Seat Entertainment" prüfen	1882-1901
1.2.1 Prüfschritt A	1885
1.2.2 Prüfschritt B	1886
1.2.3 Prüfschritt C	1887
1.2.4 Prüfschritt D	1888
1.2.5 Prüfschritt E	1889
1.2.6 Prüfschritt F	1890-1891
1.2.7 Prüfschritt K	1892-1893
1.2.8 Prüfschritt L	1894-1895
1.2.9 Prüfschritt G	1896-1897
1.2.10 Prüfschritt H	1898-1899
1.2.11 Prüfschritt I	1900
1.2.12 Prüfschritt J	1901
601 - Sondersignalanlage TOPas/OPAL digital	1902-1904
1. Sondersignalanlage TOPas/OPAL digital	1902
2. Bedienteil für Sondersignalanlage, Blinkleuchte 1 blau, Sondersignalanlage mit Lichtbalken und Schriftzug, Sicherung 3 für Sonderfahrzeug
1903
3. Bedienteil für Sondersignalanlage, Blinkleuchte 2 blau, Sondersignalanlage mit Lichtbalken und Schriftzug	1904
602 - Sondersignalanlage TOPas/OPAL digital mit Videoeigensicherung	1905-1909
1. Sondersignalanlage TOPas/OPAL digital mit Videoeigensicherung	1905
2. Bedienteil für Sondersignalanlage, Blinkleuchte 1 blau, Sondersignalanlage mit Lichtbalken und Schriftzug, Sicherung 4 für Sonderfahrzeug
1906
3. Bedienteil für Sondersignalanlage, Blinkleuchte 2 blau, Sondersignalanlage mit Lichtbalken und Schriftzug	1907
4. Taster 1 für Video-Eigenüberwachung, Taster 2 für Video-Eigenüberwachung, Taster 3 für Video-Eigenüberwachung, Sicherung 3 für Sonderfahrzeug
1908
5. Kamera für Video-Eigenüberwachung, Speichergerät für Video-Eigenüberwachung, Anzeigeeinheit für Video-Eigenüberwachung
1909
603 - Sondersignalanlage TOPas/OPAL digital mit Videoeigensicherung	1910-1914
1. Sondersignalanlage TOPas/OPAL digital mit Videoeigensicherung	1910
2. Bedienteil für Sondersignalanlage, Blinkleuchte 1 blau, Sondersignalanlage mit Lichtbalken und Schriftzug	1911
3. Bedienteil für Sondersignalanlage, Blinkleuchte 2 blau, Sondersignalanlage mit Lichtbalken und Schriftzug	1912
4. Taster 1 für Video-Eigenüberwachung, Taster 2 für Video-Eigenüberwachung, Taster 3 für Video-Eigenüberwachung, Sicherung 3 für Sonderfahrzeug
1913
5. Kamera für Video-Eigenüberwachung, Speichergerät für Video-Eigenüberwachung, Anzeigeeinheit für Video-Eigenüberwachung
1914
604 - Sondersignalanlage TOPas/OPAL analog	1915-1918
1. Sondersignalanlage TOPas/OPAL analog	1915
2. Bedienteil für Sondersignalanlage, Blinkleuchte 1 blau, Sondersignalanlage mit Lichtbalken und Schriftzug	1916
3. Bedienteil für Sondersignalanlage, Sondersignalanlage mit Lichtbalken und Schriftzug	1917
4. Bedienteil für Sondersignalanlage, Blinkleuchte 2 blau, Sondersignalanlage mit Lichtbalken und Schriftzug	1918
605 - Sondersignalanlage TOPas/OPAL analog mit Videoeigensicherung	1919-1924
1. Sondersignalanlage TOPas/OPAL analog mit Videoeigensicherung	1919
2. Bedienteil für Sondersignalanlage, Blinkleuchte 1 blau, Sondersignalanlage mit Lichtbalken und Schriftzug	1920
3. Bedienteil für Sondersignalanlage, Sondersignalanlage mit Lichtbalken und Schriftzug	1921
4. Bedienteil für Sondersignalanlage, Blinkleuchte 2 blau, Sondersignalanlage mit Lichtbalken und Schriftzug	1922
5. Taster 1 für Video-Eigenüberwachung, Taster 2 für Video-Eigenüberwachung, Taster 3 für Video-Eigenüberwachung, Sicherung 3 für Sonderfahrzeug
1923
6. Kamera für Video-Eigenüberwachung, Speichergerät für Video-Eigenüberwachung, Anzeigeeinheit für Video-Eigenüberwachung
1924
606 - 2,0 l-Dieselmotor, CBAC	1925-1947
1. 2,0 l-Dieselmotor, CBAC	1925
2. Batterie, Anlasser, Relais für Spannungsversorgung der Kl. 15, Bordnetzsteuergerät, Relais für Spannungsversorgung Kl. 30, Sicherung 4 auf Sicherungshalter C
1926
3. Drehstromgenerator, Spannungsregler, Bordnetzsteuergerät, Sicherung 3 auf Sicherungshalter A, Sicherung 10 auf Sicherungshalter C, Sicherung 1 (30)
1927
4. Sicherung 4 auf Sicherungshalter A, Sicherung 10 auf Sicherungshalter B, Sicherung 14 auf Sicherungshalter B, Sicherung 16 auf Sicherungshalter B, Sicherung 27 auf Sicherungshalter C
1928
5. Kraftstoffpumpenrelais, Relais für elektrische Kraftstoffpumpe 2, Relais für Zusatzkraftstoffpumpe, Sicherung 13 auf Sicherungshalter B, Sicherung 18 auf Sicherungshalter B, Sicherung 20 auf Sicherungshalter B, Sicherung 24 auf Sicherungshalter B, Sicherung 26 auf Sicherungshalter B, Sicherung 30 auf Sicherungshalter B, Kraftstoffpumpe 2
1929
6. Motorsteuergerät	1930
7. Motorsteuergerät, Einspritzventil für Zylinder 1, Einspritzventil für Zylinder 2, Einspritzventil für Zylinder 3, Einspritzventil für Zylinder 4
1931
8. Relais für kleine Heizleistung, Relais für große Heizleistung, Motorsteuergerät, Heizwiderstand für Kurbelgehäuseentlüftung	1932
9. Ladedruckgeber, Ansauglufttemperaturgeber, Gaspedalstellungsgeber, Geber 2 für Gaspedalstellung, Motorsteuergerät	1933
10. Lambdasonde, NOx-Geber, Steuergerät für NOx-Geber, Motorsteuergerät, Heizung für Lambdasonde	1934
11. Kühlmitteltemperaturgeber am Kühlerausgang, Abgastemperaturgeber 1, Abgastemperaturgeber 3, Abgastemperaturgeber 4, Motorsteuergerät, Regelventil für Kraftstoffdruck, Ventil für Kraftstoffdosierung
1935
12. Luftmassenmesser, Motorsteuergerät, Magnetventil für Ladedruckbegrenzung, Kühlerlüfter, Steuergerät für Kühlerlüfter	1936
13. Motordrehzahlgeber, Kühlmitteltemperaturgeber, Drosselklappenpotentiometer, Motorsteuergerät, Drosselklappensteuereinheit
1937
14. Potentiometer für Abgasrückführung, Kraftstoffdruckgeber, Positionsgeber für Ladedrucksteller, Motorsteuergerät, Abgasrückführungsventil
1938
